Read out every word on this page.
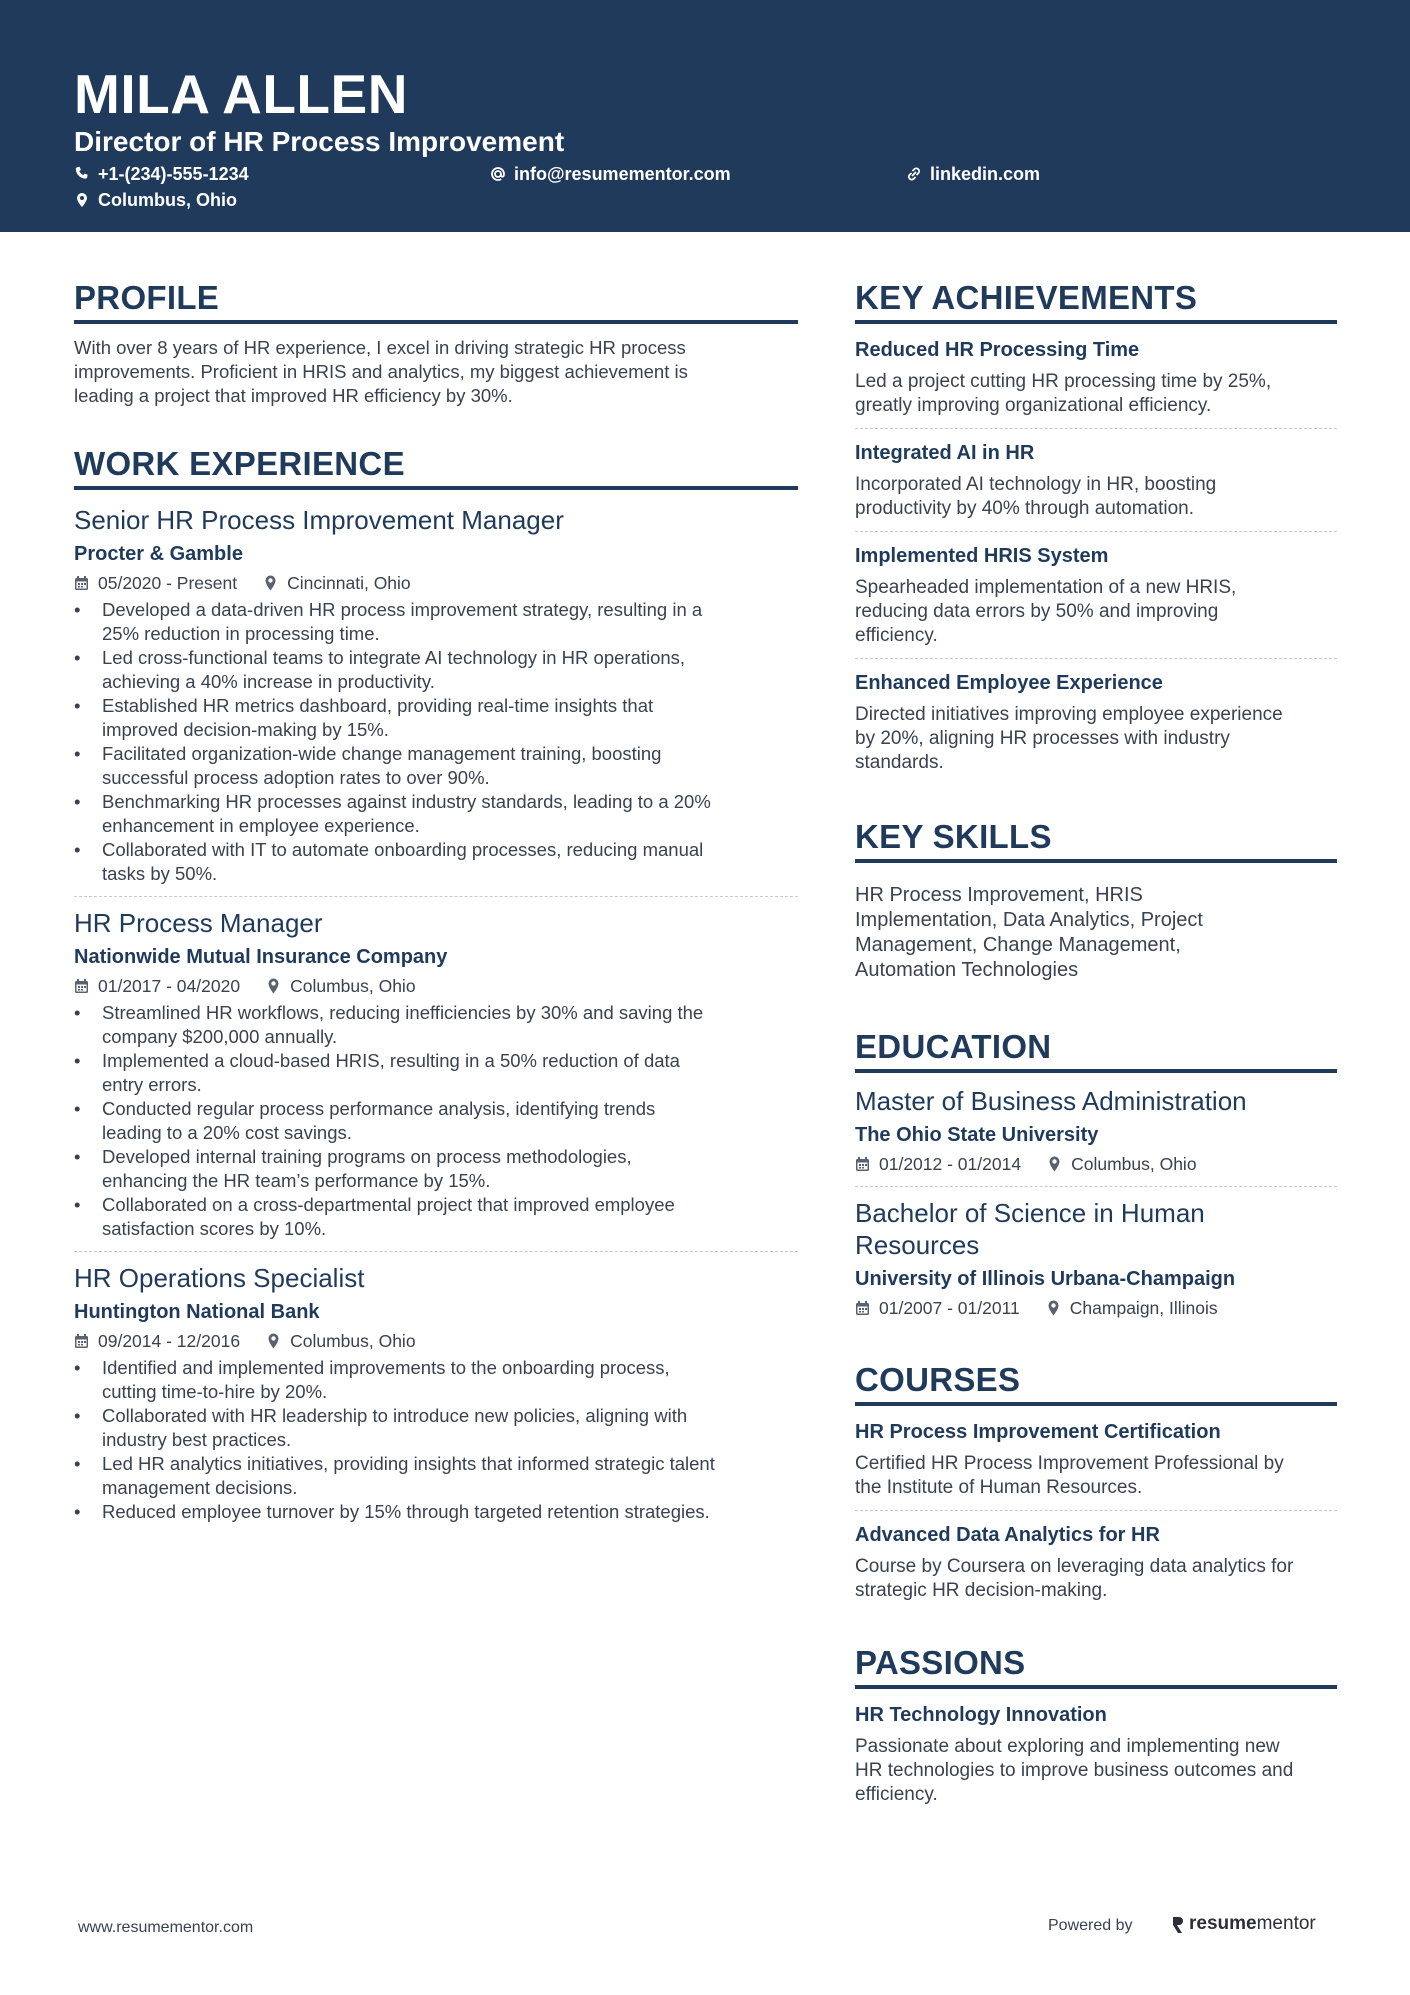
MILA ALLEN
Director of HR Process Improvement
+1-(234)-555-1234	info@resumementor.com	linkedin.com
Columbus, Ohio
PROFILE
With over 8 years of HR experience, I excel in driving strategic HR process
improvements. Proficient in HRIS and analytics, my biggest achievement is
leading a project that improved HR efficiency by 30%.
WORK EXPERIENCE
Senior HR Process Improvement Manager
Procter & Gamble
05/2020 - Present	Cincinnati, Ohio
• Developed a data-driven HR process improvement strategy, resulting in a
25% reduction in processing time.
• Led cross-functional teams to integrate AI technology in HR operations,
achieving a 40% increase in productivity.
• Established HR metrics dashboard, providing real-time insights that
improved decision-making by 15%.
• Facilitated organization-wide change management training, boosting
successful process adoption rates to over 90%.
• Benchmarking HR processes against industry standards, leading to a 20%
enhancement in employee experience.
• Collaborated with IT to automate onboarding processes, reducing manual
tasks by 50%.
HR Process Manager
Nationwide Mutual Insurance Company
01/2017 - 04/2020	Columbus, Ohio
• Streamlined HR workflows, reducing inefficiencies by 30% and saving the
company $200,000 annually.
• Implemented a cloud-based HRIS, resulting in a 50% reduction of data
entry errors.
• Conducted regular process performance analysis, identifying trends
leading to a 20% cost savings.
• Developed internal training programs on process methodologies,
enhancing the HR team’s performance by 15%.
• Collaborated on a cross-departmental project that improved employee
satisfaction scores by 10%.
HR Operations Specialist
Huntington National Bank
09/2014 - 12/2016	Columbus, Ohio
• Identified and implemented improvements to the onboarding process,
cutting time-to-hire by 20%.
• Collaborated with HR leadership to introduce new policies, aligning with
industry best practices.
• Led HR analytics initiatives, providing insights that informed strategic talent
management decisions.
• Reduced employee turnover by 15% through targeted retention strategies.
KEY ACHIEVEMENTS
Reduced HR Processing Time
Led a project cutting HR processing time by 25%,
greatly improving organizational efficiency.
Integrated AI in HR
Incorporated AI technology in HR, boosting
productivity by 40% through automation.
Implemented HRIS System
Spearheaded implementation of a new HRIS,
reducing data errors by 50% and improving
efficiency.
Enhanced Employee Experience
Directed initiatives improving employee experience
by 20%, aligning HR processes with industry
standards.
KEY SKILLS
HR Process Improvement, HRIS
Implementation, Data Analytics, Project
Management, Change Management,
Automation Technologies
EDUCATION
Master of Business Administration
The Ohio State University
01/2012 - 01/2014	Columbus, Ohio
Bachelor of Science in Human
Resources
University of Illinois Urbana-Champaign
01/2007 - 01/2011	Champaign, Illinois
COURSES
HR Process Improvement Certification
Certified HR Process Improvement Professional by
the Institute of Human Resources.
Advanced Data Analytics for HR
Course by Coursera on leveraging data analytics for
strategic HR decision-making.
PASSIONS
HR Technology Innovation
Passionate about exploring and implementing new
HR technologies to improve business outcomes and
efficiency.
www.resumementor.com	Powered by	resume mentor
